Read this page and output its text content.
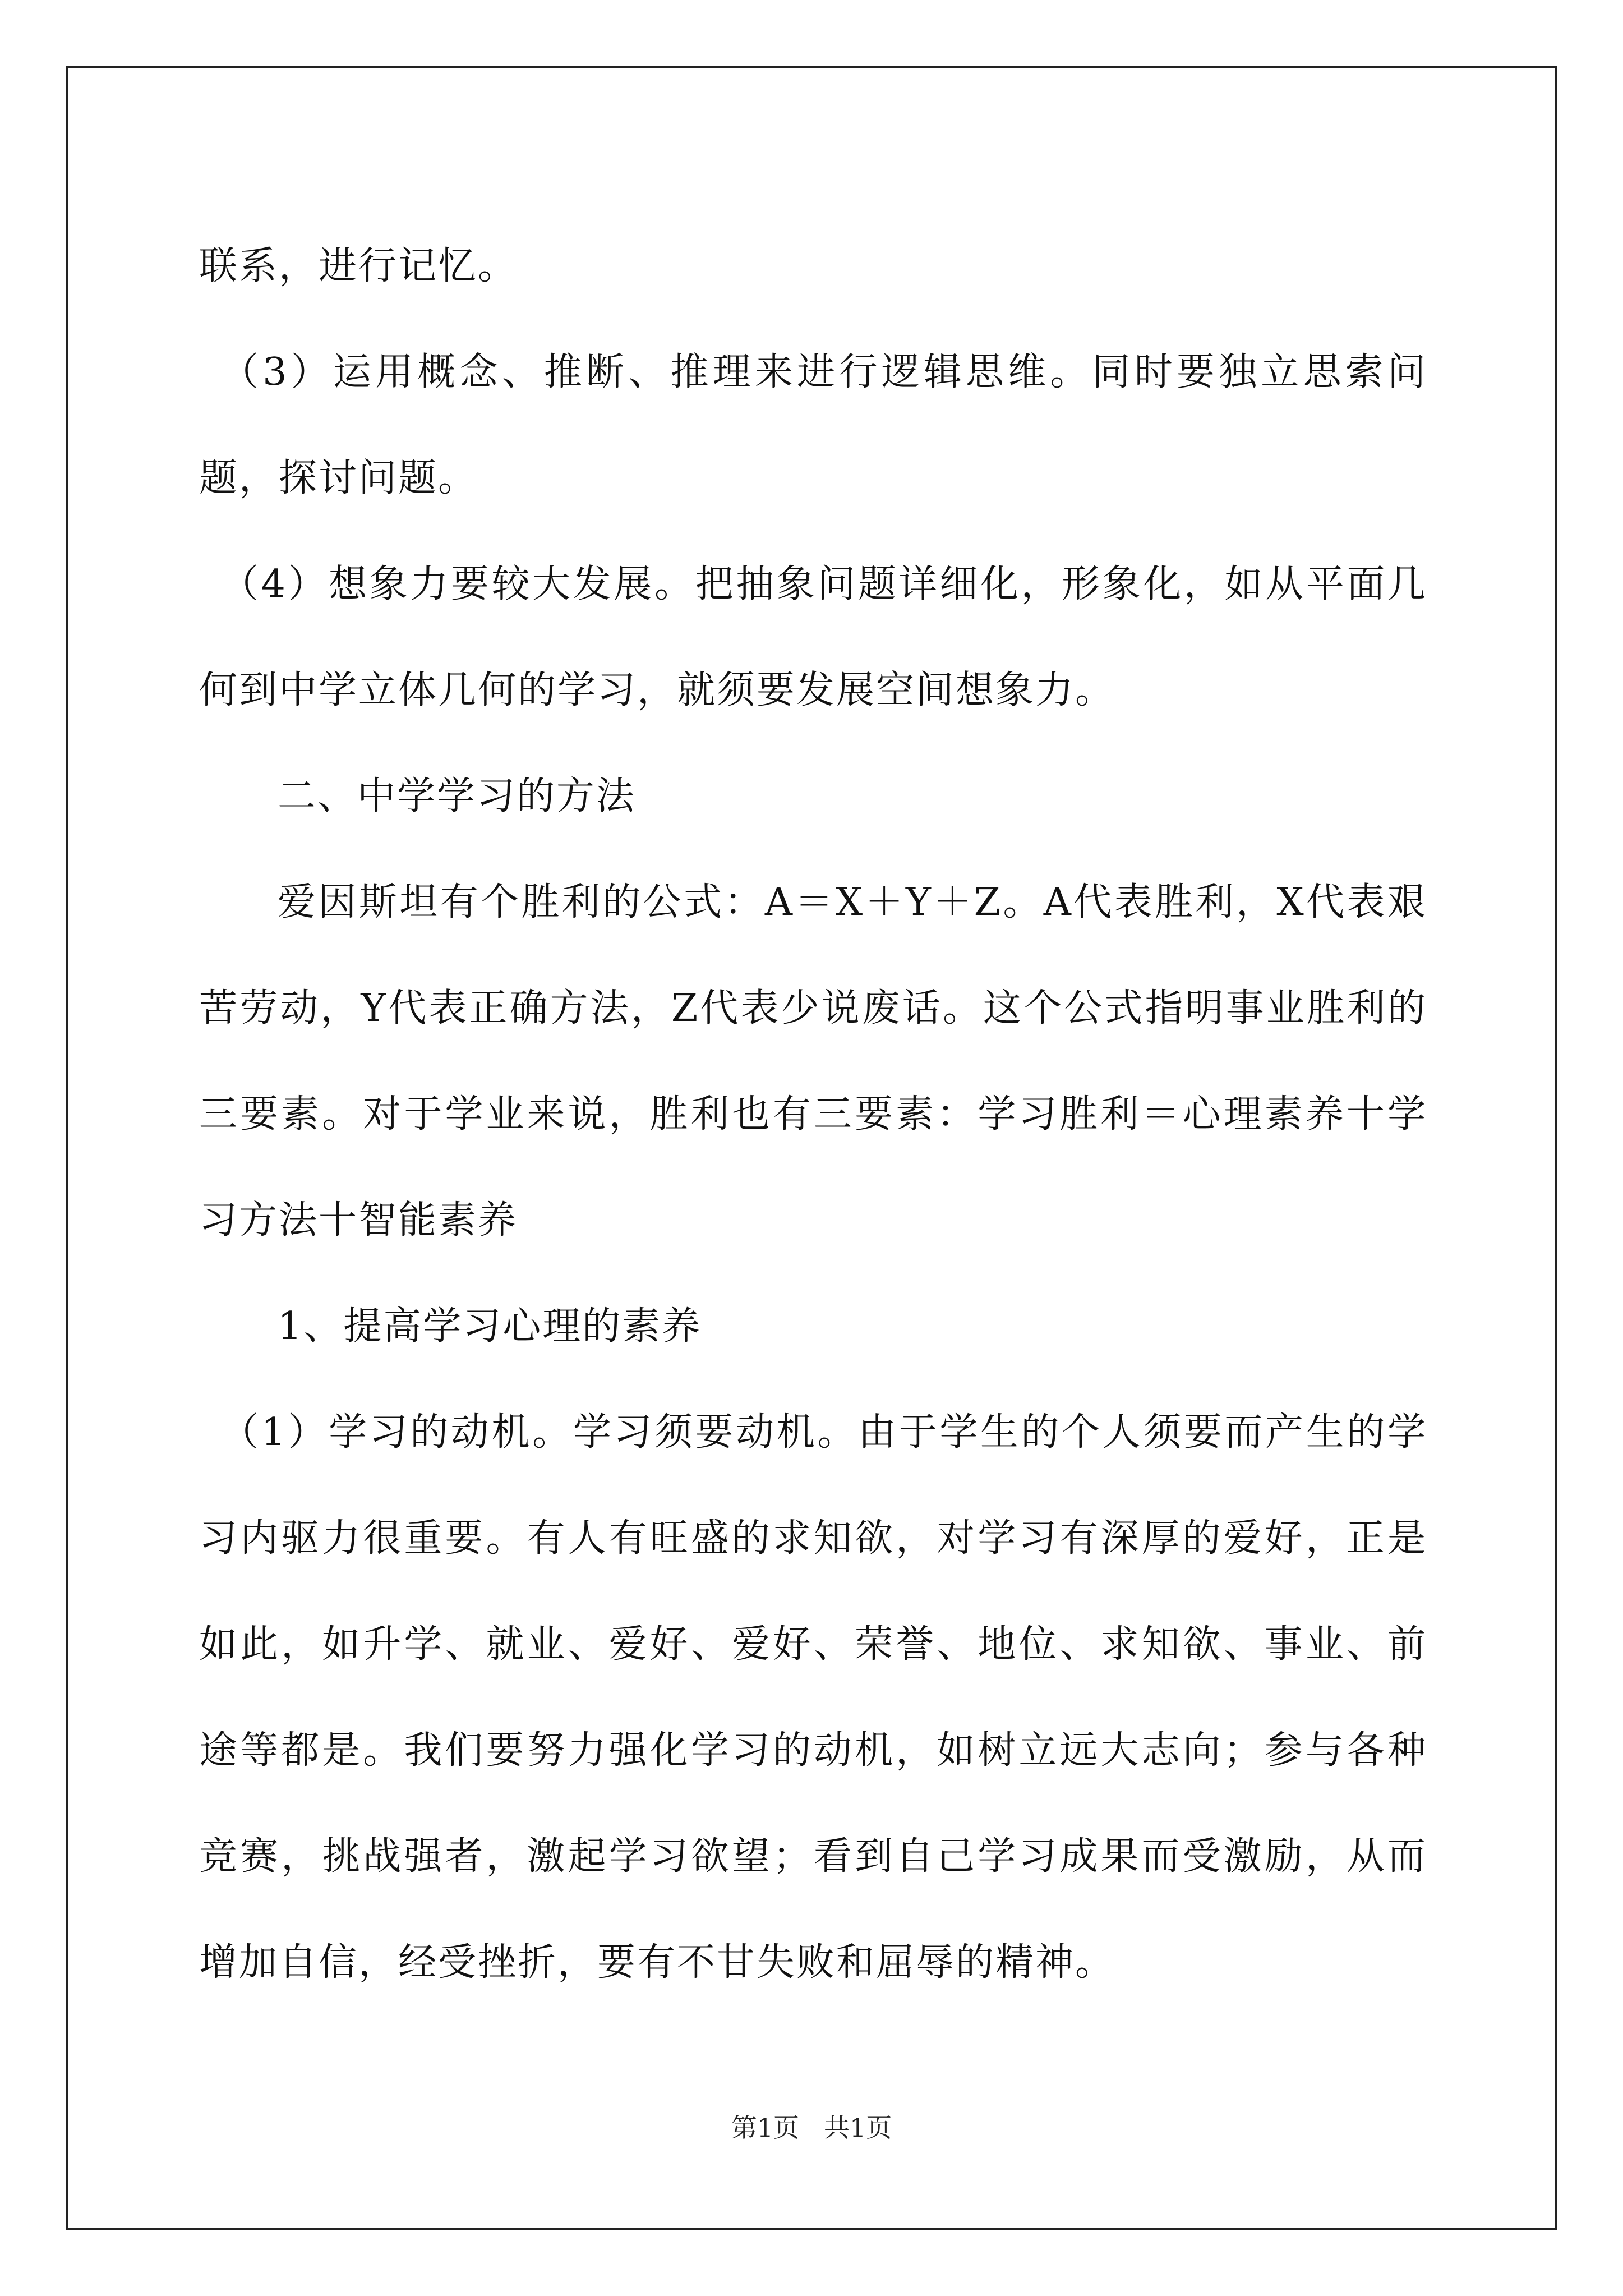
联系，进行记忆。

（3）运用概念、推断、推理来进行逻辑思维。同时要独立思索问题，探讨问题。

（4）想象力要较大发展。把抽象问题详细化，形象化，如从平面几何到中学立体几何的学习，就须要发展空间想象力。

二、中学学习的方法

爱因斯坦有个胜利的公式：A＝X＋Y＋Z。A代表胜利，X代表艰苦劳动，Y代表正确方法，Z代表少说废话。这个公式指明事业胜利的三要素。对于学业来说，胜利也有三要素：学习胜利＝心理素养十学习方法十智能素养

1、提高学习心理的素养

（1）学习的动机。学习须要动机。由于学生的个人须要而产生的学习内驱力很重要。有人有旺盛的求知欲，对学习有深厚的爱好，正是如此，如升学、就业、爱好、爱好、荣誉、地位、求知欲、事业、前途等都是。我们要努力强化学习的动机，如树立远大志向；参与各种竞赛，挑战强者，激起学习欲望；看到自己学习成果而受激励，从而增加自信，经受挫折，要有不甘失败和屈辱的精神。

第1页 共1页
